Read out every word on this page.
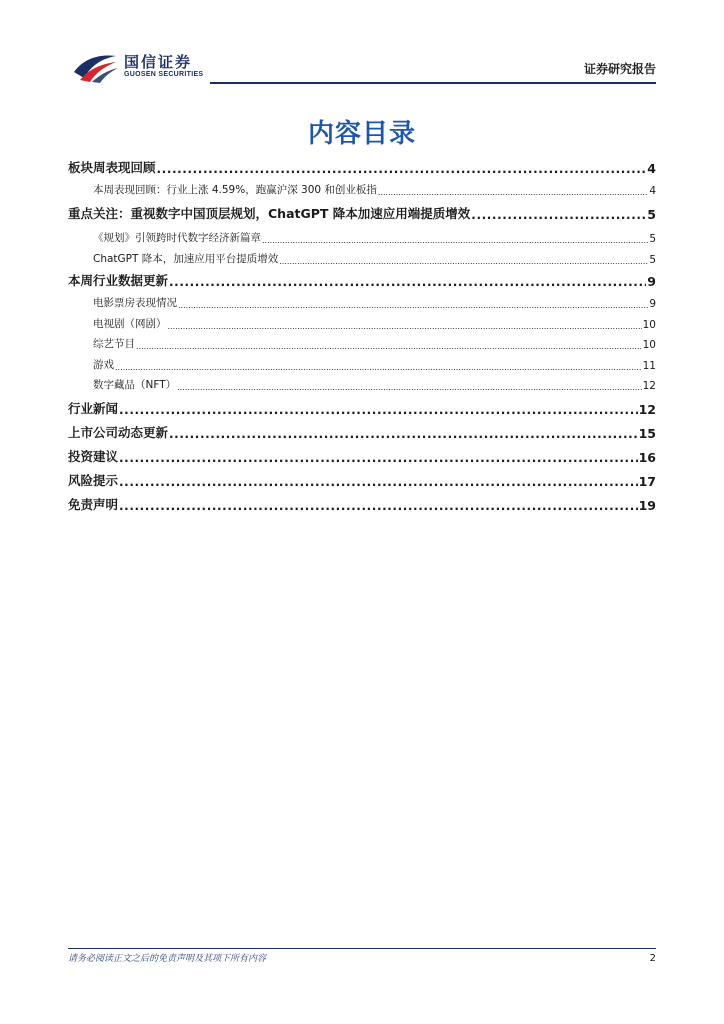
国信证券
GUOSEN SECURITIES	证券研究报告
内容目录
板块周表现回顾 .....	4
本周表现回顾：行业上涨 4.59%，跑赢沪深 300 和创业板指 .....	4
重点关注：重视数字中国顶层规划，ChatGPT 降本加速应用端提质增效 .....	5
《规划》引领跨时代数字经济新篇章 .....	5
ChatGPT 降本，加速应用平台提质增效 .....	5
本周行业数据更新 .....	9
电影票房表现情况 .....	9
电视剧（网剧） .....	10
综艺节目 .....	10
游戏 .....	11
数字藏品（NFT） .....	12
行业新闻 .....	12
上市公司动态更新 .....	15
投资建议 .....	16
风险提示 .....	17
免责声明 .....	19
请务必阅读正文之后的免责声明及其项下所有内容	2
